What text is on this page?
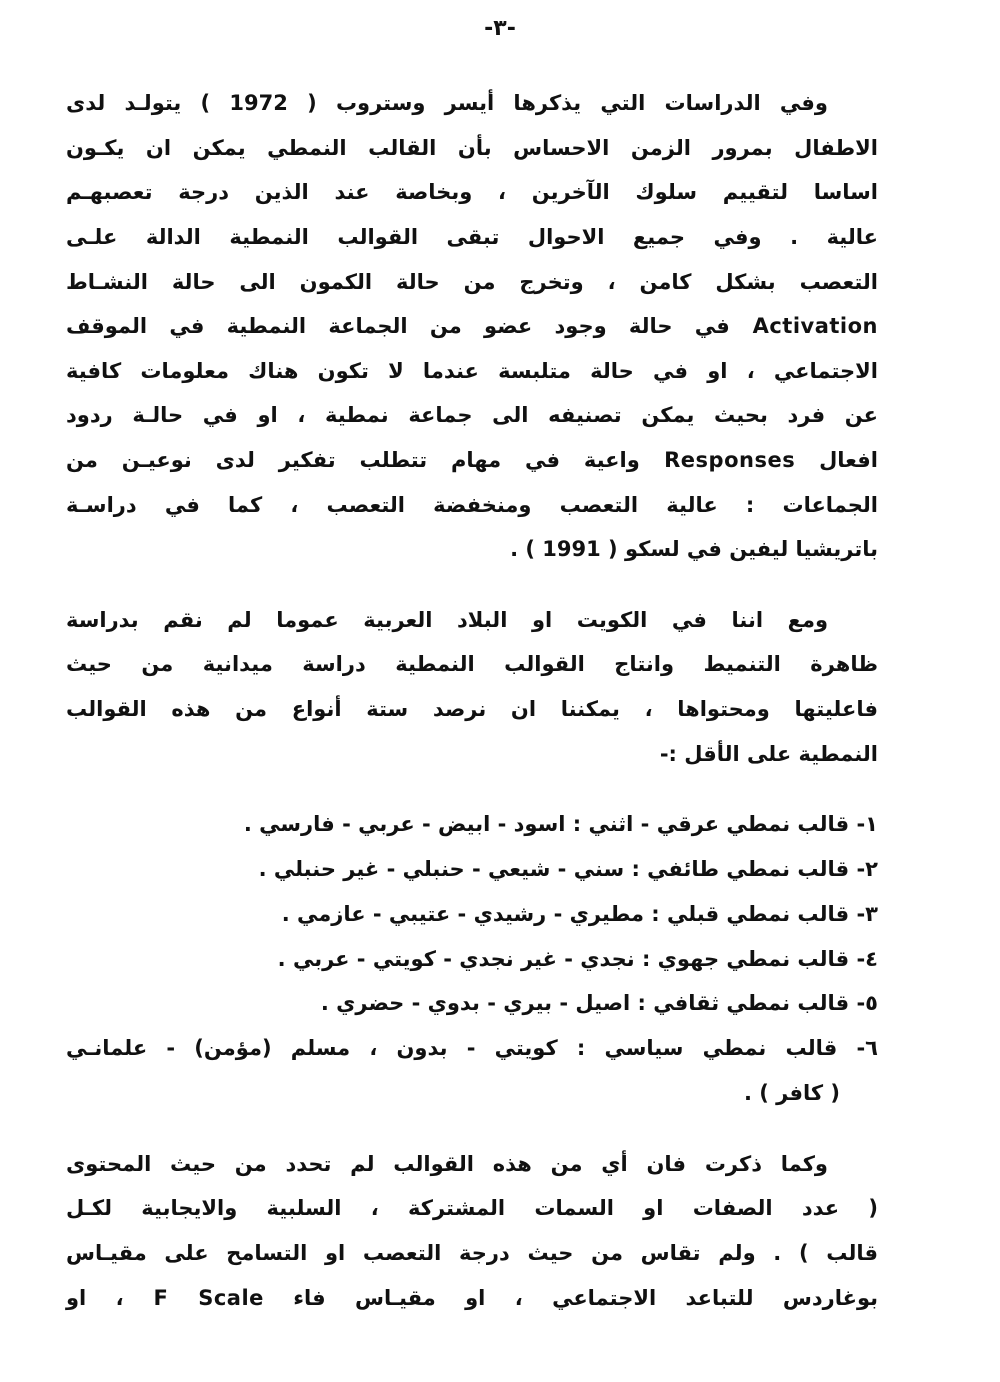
-٣-
وفي الدراسات التي يذكرها أيسر وستروب ( 1972 ) يتولـد لدى
الاطفال بمرور الزمن الاحساس بأن القالب النمطي يمكن ان يكـون
اساسا لتقييم سلوك الآخرين ، وبخاصة عند الذين درجة تعصبهـم
عالية . وفي جميع الاحوال تبقى القوالب النمطية الدالة علـى
التعصب بشكل كامن ، وتخرج من حالة الكمون الى حالة النشـاط
Activation في حالة وجود عضو من الجماعة النمطية في الموقف
الاجتماعي ، او في حالة متلبسة عندما لا تكون هناك معلومات كافية
عن فرد بحيث يمكن تصنيفه الى جماعة نمطية ، او في حالـة ردود
افعال Responses واعية في مهام تتطلب تفكير لدى نوعيـن من
الجماعات : عالية التعصب ومنخفضة التعصب ، كما في دراسـة
باتريشيا ليفين في لسكو ( 1991 ) .
ومع اننا في الكويت او البلاد العربية عموما لم نقم بدراسة
ظاهرة التنميط وانتاج القوالب النمطية دراسة ميدانية من حيث
فاعليتها ومحتواها ، يمكننا ان نرصد ستة أنواع من هذه القوالب
النمطية على الأقل :-
١- قالب نمطي عرقي - اثني : اسود - ابيض - عربي - فارسي .
٢- قالب نمطي طائفي : سني - شيعي - حنبلي - غير حنبلي .
٣- قالب نمطي قبلي : مطيري - رشيدي - عتيبي - عازمي .
٤- قالب نمطي جهوي : نجدي - غير نجدي - كويتي - عربي .
٥- قالب نمطي ثقافي : اصيل - بيري - بدوي - حضري .
٦- قالب نمطي سياسي : كويتي - بدون ، مسلم (مؤمن) - علمانـي
( كافر ) .
وكما ذكرت فان أي من هذه القوالب لم تحدد من حيث المحتوى
( عدد الصفات او السمات المشتركة ، السلبية والايجابية لكـل
قالب ) . ولم تقاس من حيث درجة التعصب او التسامح على مقيـاس
بوغاردس للتباعد الاجتماعي ، او مقيـاس فاء F Scale ، او
